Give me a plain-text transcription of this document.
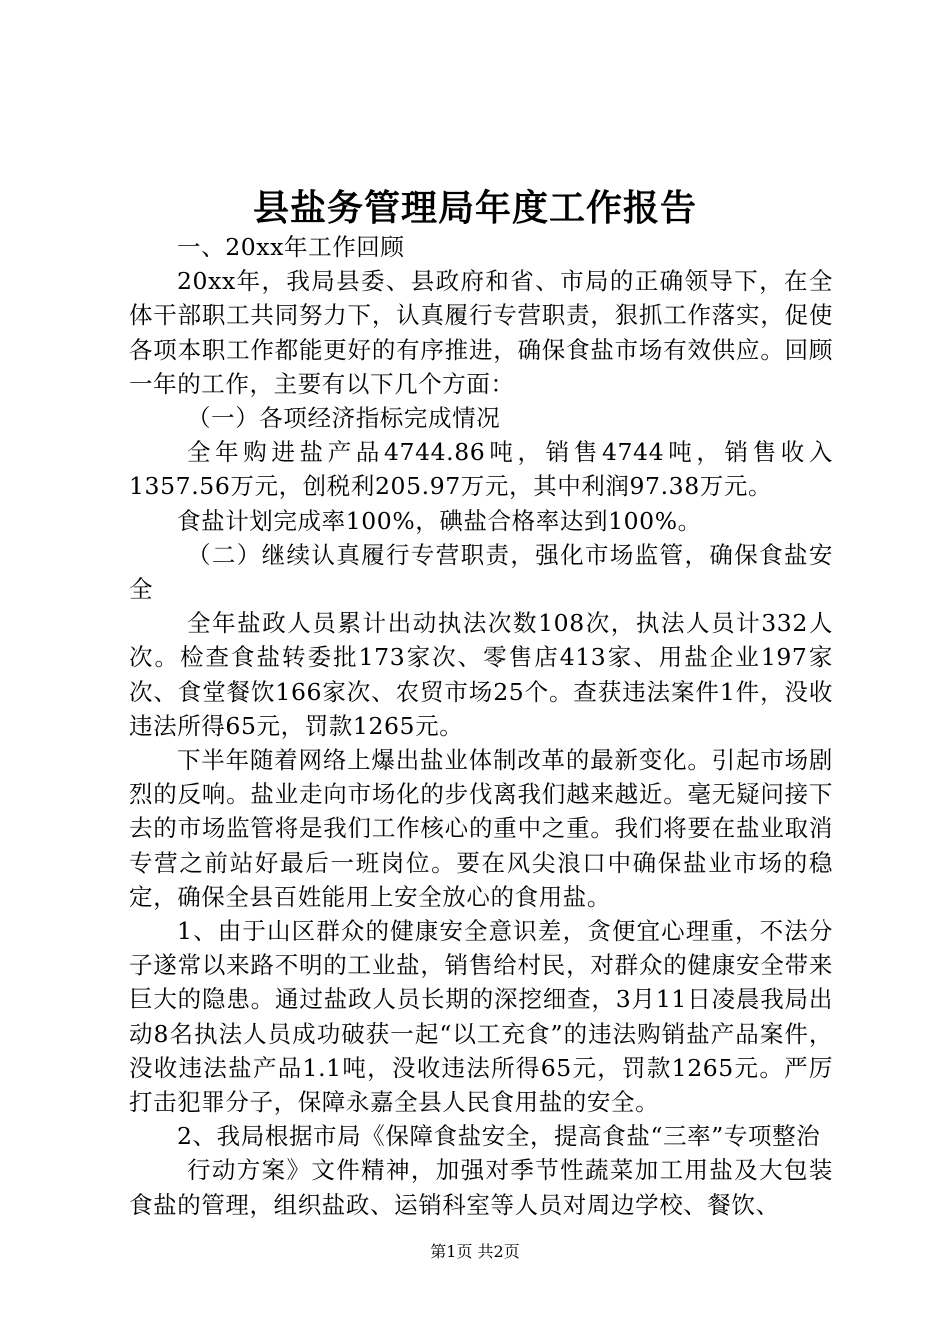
县盐务管理局年度工作报告

一、20xx年工作回顾

20xx年，我局县委、县政府和省、市局的正确领导下，在全体干部职工共同努力下，认真履行专营职责，狠抓工作落实，促使各项本职工作都能更好的有序推进，确保食盐市场有效供应。回顾一年的工作，主要有以下几个方面：

（一）各项经济指标完成情况

全年购进盐产品4744.86吨，销售4744吨，销售收入1357.56万元，创税利205.97万元，其中利润97.38万元。

食盐计划完成率100%，碘盐合格率达到100%。

（二）继续认真履行专营职责，强化市场监管，确保食盐安全

全年盐政人员累计出动执法次数108次，执法人员计332人次。检查食盐转委批173家次、零售店413家、用盐企业197家次、食堂餐饮166家次、农贸市场25个。查获违法案件1件，没收违法所得65元，罚款1265元。

下半年随着网络上爆出盐业体制改革的最新变化。引起市场剧烈的反响。盐业走向市场化的步伐离我们越来越近。毫无疑问接下去的市场监管将是我们工作核心的重中之重。我们将要在盐业取消专营之前站好最后一班岗位。要在风尖浪口中确保盐业市场的稳定，确保全县百姓能用上安全放心的食用盐。

1、由于山区群众的健康安全意识差，贪便宜心理重，不法分子遂常以来路不明的工业盐，销售给村民，对群众的健康安全带来巨大的隐患。通过盐政人员长期的深挖细查，3月11日凌晨我局出动8名执法人员成功破获一起“以工充食”的违法购销盐产品案件，没收违法盐产品1.1吨，没收违法所得65元，罚款1265元。严厉打击犯罪分子，保障永嘉全县人民食用盐的安全。

2、我局根据市局《保障食盐安全，提高食盐“三率”专项整治

行动方案》文件精神，加强对季节性蔬菜加工用盐及大包装食盐的管理，组织盐政、运销科室等人员对周边学校、餐饮、

第1页 共2页
